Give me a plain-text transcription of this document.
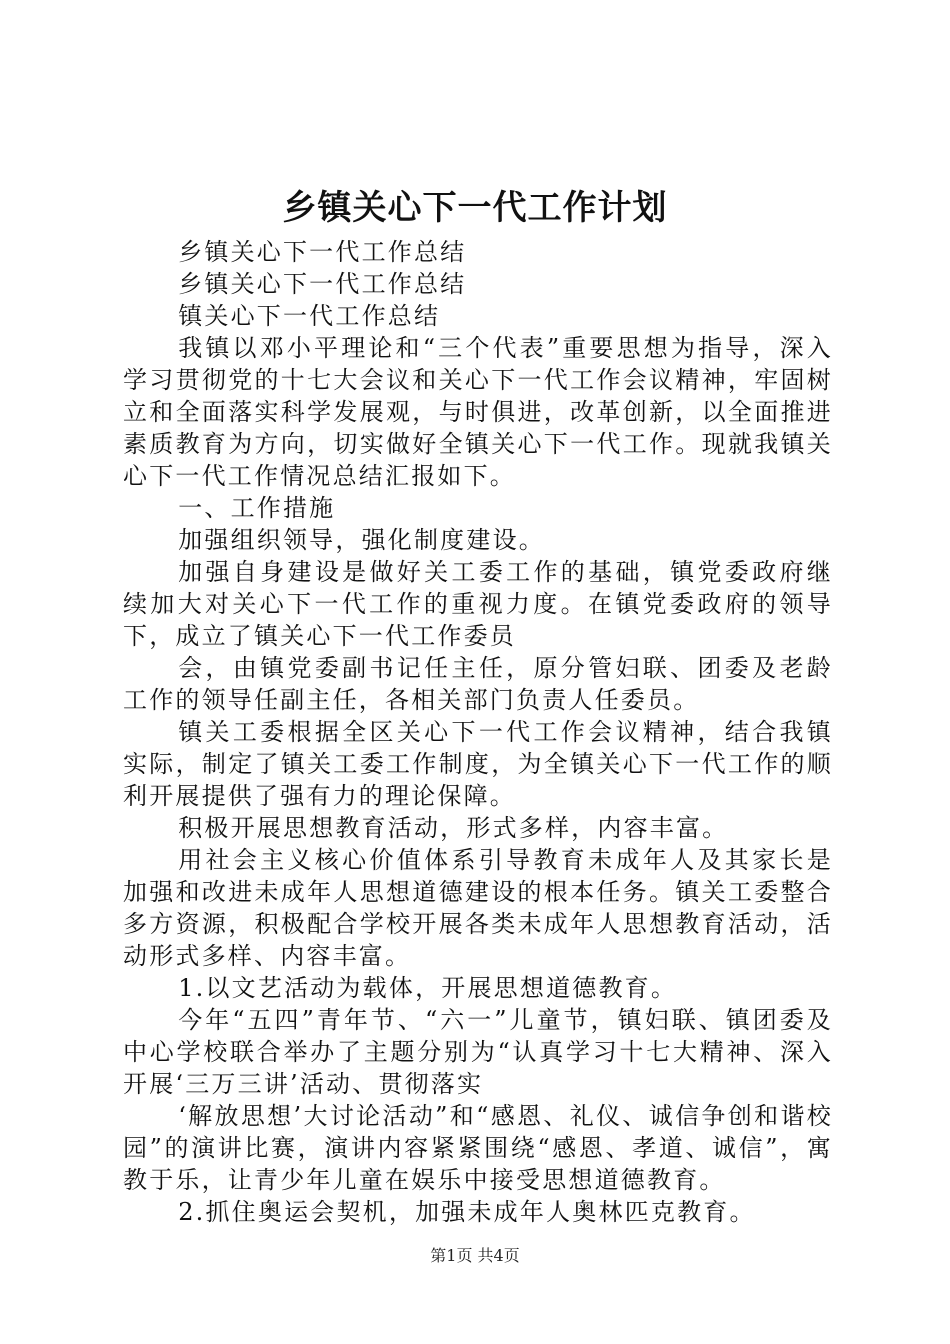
乡镇关心下一代工作计划

乡镇关心下一代工作总结

乡镇关心下一代工作总结

镇关心下一代工作总结

我镇以邓小平理论和“三个代表”重要思想为指导，深入学习贯彻党的十七大会议和关心下一代工作会议精神，牢固树立和全面落实科学发展观，与时俱进，改革创新，以全面推进素质教育为方向，切实做好全镇关心下一代工作。现就我镇关心下一代工作情况总结汇报如下。

一、工作措施

加强组织领导，强化制度建设。

加强自身建设是做好关工委工作的基础，镇党委政府继续加大对关心下一代工作的重视力度。在镇党委政府的领导下，成立了镇关心下一代工作委员

会，由镇党委副书记任主任，原分管妇联、团委及老龄工作的领导任副主任，各相关部门负责人任委员。

镇关工委根据全区关心下一代工作会议精神，结合我镇实际，制定了镇关工委工作制度，为全镇关心下一代工作的顺利开展提供了强有力的理论保障。

积极开展思想教育活动，形式多样，内容丰富。

用社会主义核心价值体系引导教育未成年人及其家长是加强和改进未成年人思想道德建设的根本任务。镇关工委整合多方资源，积极配合学校开展各类未成年人思想教育活动，活动形式多样、内容丰富。

1.以文艺活动为载体，开展思想道德教育。

今年“五四”青年节、“六一”儿童节，镇妇联、镇团委及中心学校联合举办了主题分别为“认真学习十七大精神、深入开展‘三万三讲’活动、贯彻落实

‘解放思想’大讨论活动”和“感恩、礼仪、诚信争创和谐校园”的演讲比赛，演讲内容紧紧围绕“感恩、孝道、诚信”，寓教于乐，让青少年儿童在娱乐中接受思想道德教育。

2.抓住奥运会契机，加强未成年人奥林匹克教育。

第1页 共4页
